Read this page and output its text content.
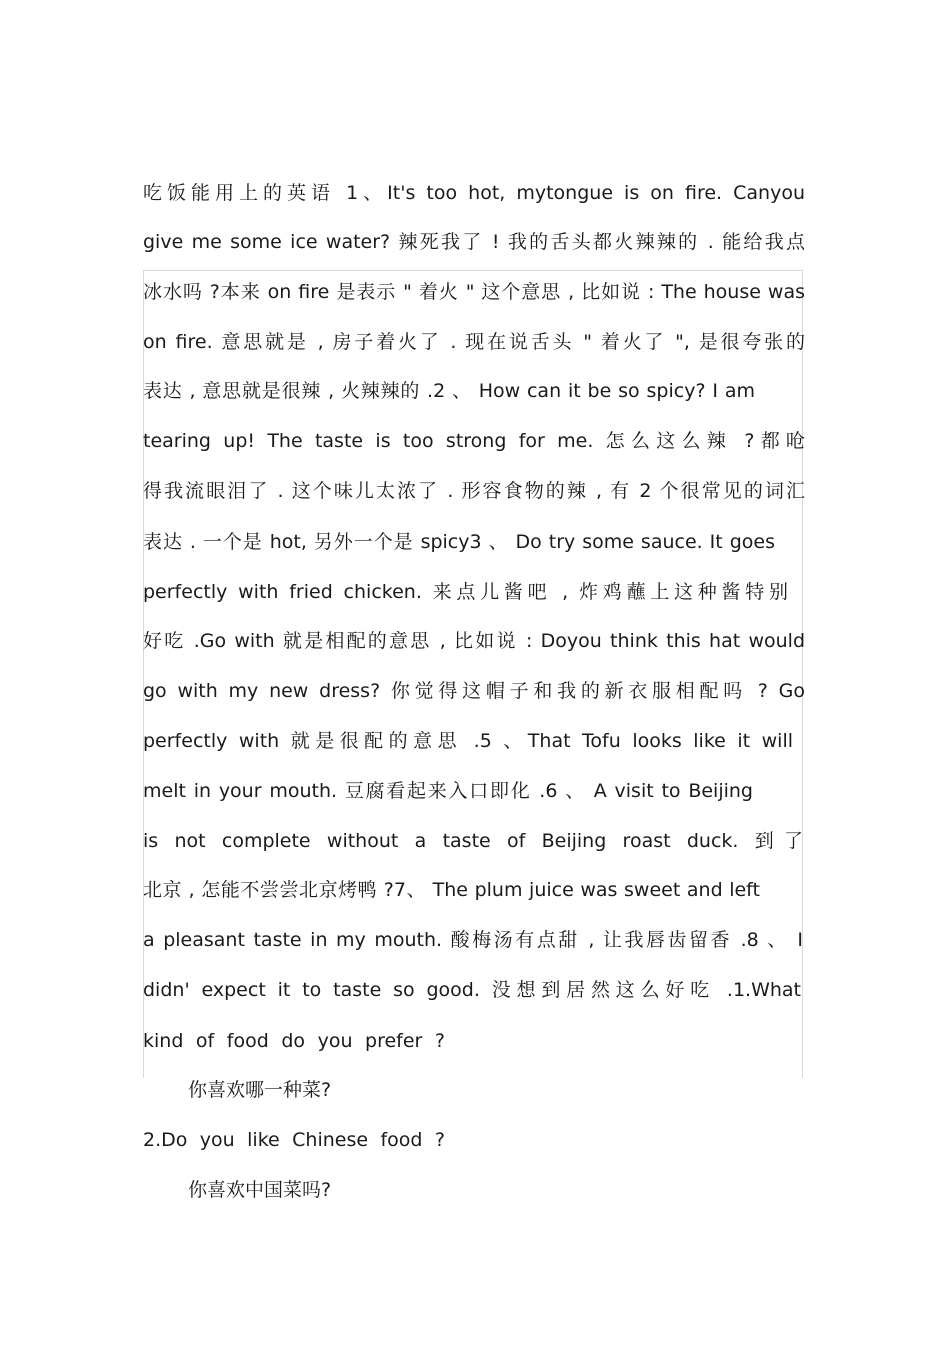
吃饭能用上的英语 1、It's too hot, mytongue is on fire. Canyou
give me some ice water? 辣死我了 ! 我的舌头都火辣辣的 . 能给我点
冰水吗 ?本来 on fire 是表示 " 着火 " 这个意思 , 比如说 : The house was
on fire. 意思就是 , 房子着火了 . 现在说舌头 " 着火了 ", 是很夸张的
表达 , 意思就是很辣 , 火辣辣的 .2 、 How can it be so spicy? I am
tearing up! The taste is too strong for me. 怎么这么辣 ?都呛
得我流眼泪了 . 这个味儿太浓了 . 形容食物的辣 , 有 2 个很常见的词汇
表达 . 一个是 hot, 另外一个是 spicy3 、 Do try some sauce. It goes
perfectly with fried chicken. 来点儿酱吧 , 炸鸡蘸上这种酱特别
好吃 .Go with 就是相配的意思 , 比如说 : Doyou think this hat would
go with my new dress? 你觉得这帽子和我的新衣服相配吗 ? Go
perfectly with 就是很配的意思 .5 、That Tofu looks like it will
melt in your mouth. 豆腐看起来入口即化 .6 、 A visit to Beijing
is not complete without a taste of Beijing roast duck. 到了
北京 , 怎能不尝尝北京烤鸭 ?7、 The plum juice was sweet and left
a pleasant taste in my mouth. 酸梅汤有点甜 , 让我唇齿留香 .8 、 I
didn' expect it to taste so good. 没想到居然这么好吃 .1.What
kind of food do you prefer ?
你喜欢哪一种菜?
2.Do you like Chinese food ?
你喜欢中国菜吗?
